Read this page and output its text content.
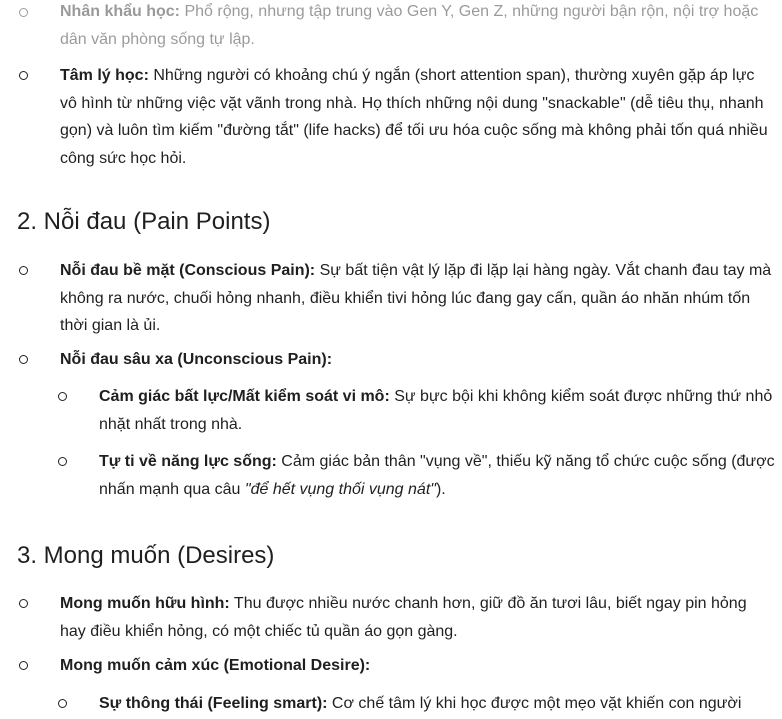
Nhân khẩu học: Phổ rộng, nhưng tập trung vào Gen Y, Gen Z, những người bận rộn, nội trợ hoặc dân văn phòng sống tự lập.
Tâm lý học: Những người có khoảng chú ý ngắn (short attention span), thường xuyên gặp áp lực vô hình từ những việc vặt vãnh trong nhà. Họ thích những nội dung "snackable" (dễ tiêu thụ, nhanh gọn) và luôn tìm kiếm "đường tắt" (life hacks) để tối ưu hóa cuộc sống mà không phải tốn quá nhiều công sức học hỏi.
2. Nỗi đau (Pain Points)
Nỗi đau bề mặt (Conscious Pain): Sự bất tiện vật lý lặp đi lặp lại hàng ngày. Vắt chanh đau tay mà không ra nước, chuối hỏng nhanh, điều khiển tivi hỏng lúc đang gay cấn, quần áo nhăn nhúm tốn thời gian là ủi.
Nỗi đau sâu xa (Unconscious Pain):
Cảm giác bất lực/Mất kiểm soát vi mô: Sự bực bội khi không kiểm soát được những thứ nhỏ nhặt nhất trong nhà.
Tự ti về năng lực sống: Cảm giác bản thân "vụng về", thiếu kỹ năng tổ chức cuộc sống (được nhấn mạnh qua câu "để hết vụng thối vụng nát").
3. Mong muốn (Desires)
Mong muốn hữu hình: Thu được nhiều nước chanh hơn, giữ đồ ăn tươi lâu, biết ngay pin hỏng hay điều khiển hỏng, có một chiếc tủ quần áo gọn gàng.
Mong muốn cảm xúc (Emotional Desire):
Sự thông thái (Feeling smart): Cơ chế tâm lý khi học được một mẹo vặt khiến con người
